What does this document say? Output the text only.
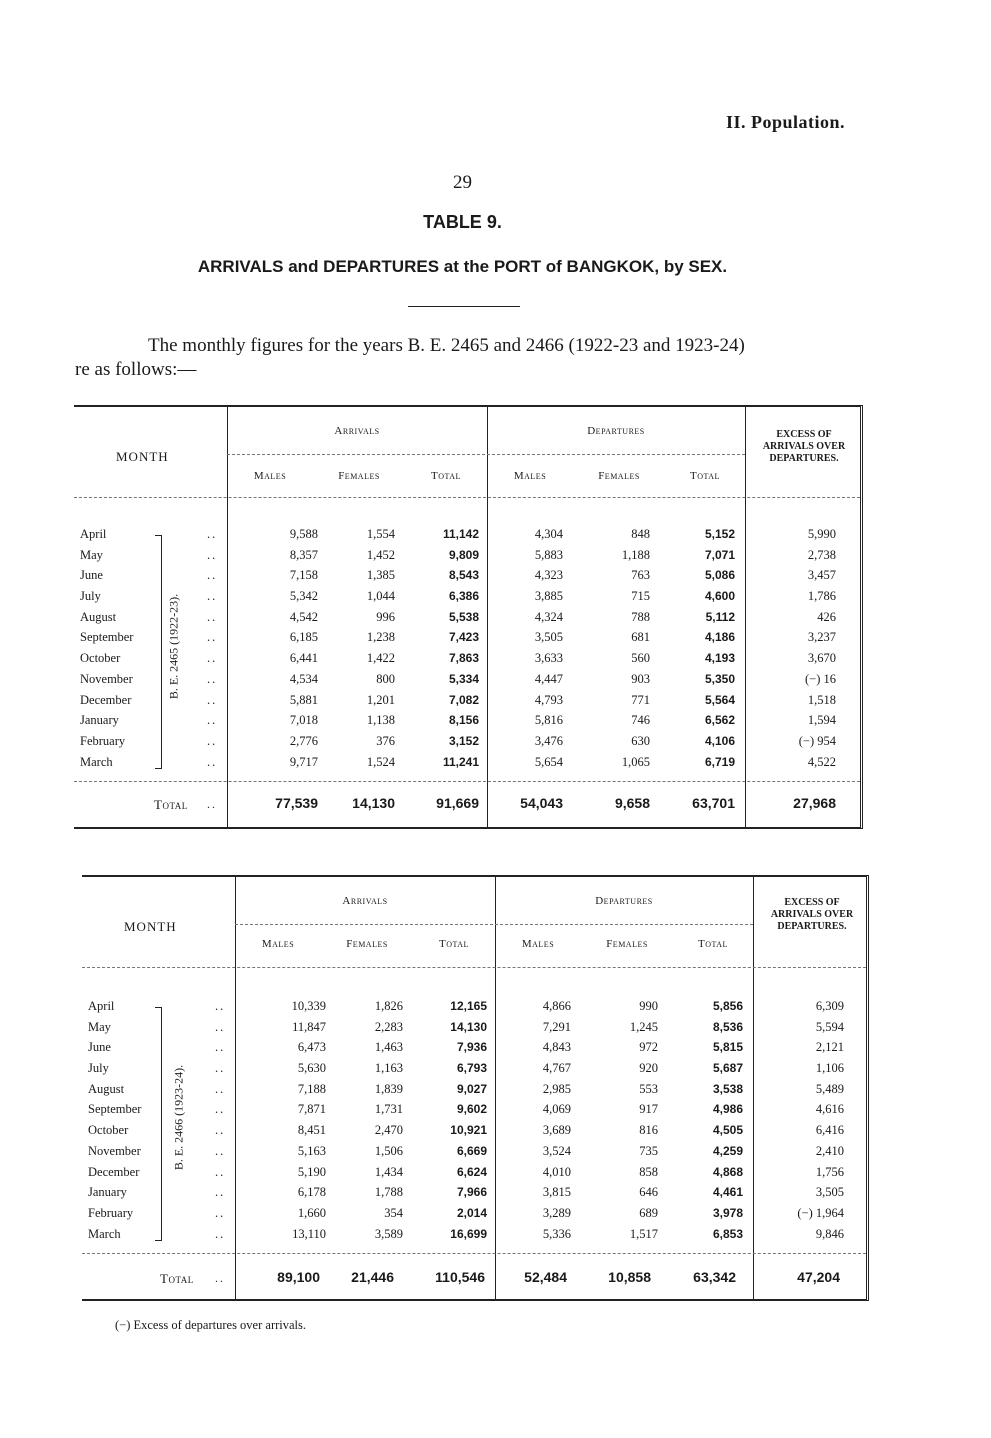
II. Population.
29
TABLE 9.
ARRIVALS and DEPARTURES at the PORT of BANGKOK, by SEX.
The monthly figures for the years B. E. 2465 and 2466 (1922-23 and 1923-24)
re as follows:—
MONTH
Arrivals	Departures
Males	Females	Total	Males	Females	Total
EXCESS OF ARRIVALS OVER DEPARTURES.
B. E. 2465 (1922-23).
April	..	9,588	1,554	11,142	4,304	848	5,152	5,990
May	..	8,357	1,452	9,809	5,883	1,188	7,071	2,738
June	..	7,158	1,385	8,543	4,323	763	5,086	3,457
July	..	5,342	1,044	6,386	3,885	715	4,600	1,786
August	..	4,542	996	5,538	4,324	788	5,112	426
September	..	6,185	1,238	7,423	3,505	681	4,186	3,237
October	..	6,441	1,422	7,863	3,633	560	4,193	3,670
November	..	4,534	800	5,334	4,447	903	5,350	(−) 16
December	..	5,881	1,201	7,082	4,793	771	5,564	1,518
January	..	7,018	1,138	8,156	5,816	746	6,562	1,594
February	..	2,776	376	3,152	3,476	630	4,106	(−) 954
March	..	9,717	1,524	11,241	5,654	1,065	6,719	4,522
Total ..	77,539	14,130	91,669	54,043	9,658	63,701	27,968
MONTH
Arrivals	Departures
Males	Females	Total	Males	Females	Total
EXCESS OF ARRIVALS OVER DEPARTURES.
B. E. 2466 (1923-24).
April	..	10,339	1,826	12,165	4,866	990	5,856	6,309
May	..	11,847	2,283	14,130	7,291	1,245	8,536	5,594
June	..	6,473	1,463	7,936	4,843	972	5,815	2,121
July	..	5,630	1,163	6,793	4,767	920	5,687	1,106
August	..	7,188	1,839	9,027	2,985	553	3,538	5,489
September	..	7,871	1,731	9,602	4,069	917	4,986	4,616
October	..	8,451	2,470	10,921	3,689	816	4,505	6,416
November	..	5,163	1,506	6,669	3,524	735	4,259	2,410
December	..	5,190	1,434	6,624	4,010	858	4,868	1,756
January	..	6,178	1,788	7,966	3,815	646	4,461	3,505
February	..	1,660	354	2,014	3,289	689	3,978	(−) 1,964
March	..	13,110	3,589	16,699	5,336	1,517	6,853	9,846
Total ..	89,100	21,446	110,546	52,484	10,858	63,342	47,204
(−) Excess of departures over arrivals.
